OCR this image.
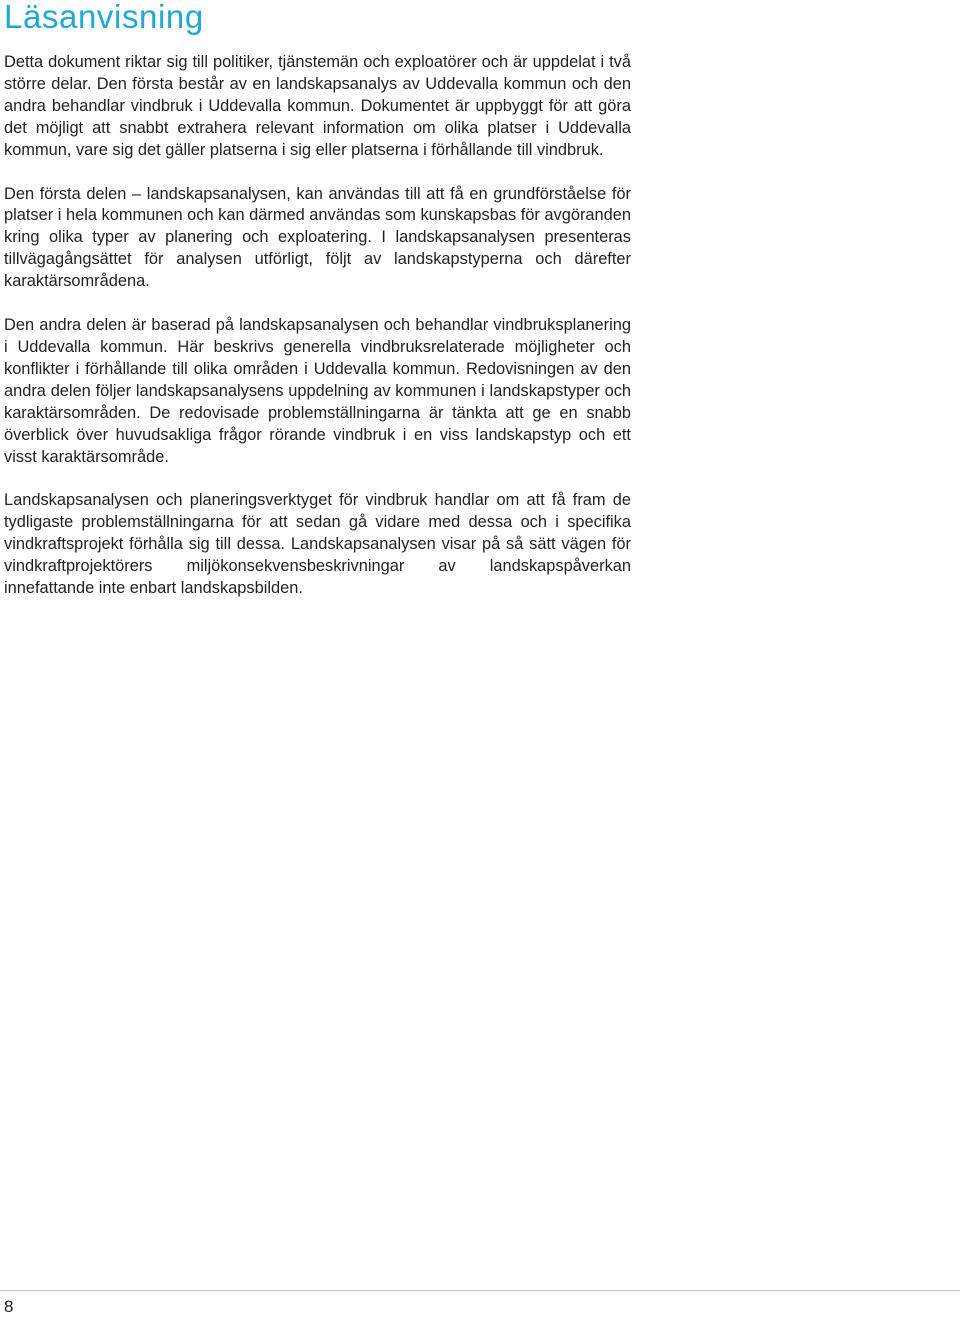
Läsanvisning

Detta dokument riktar sig till politiker, tjänstemän och exploatörer och är uppdelat i två större delar. Den första består av en landskapsanalys av Uddevalla kommun och den andra behandlar vindbruk i Uddevalla kommun. Dokumentet är uppbyggt för att göra det möjligt att snabbt extrahera relevant information om olika platser i Uddevalla kommun, vare sig det gäller platserna i sig eller platserna i förhållande till vindbruk.

Den första delen – landskapsanalysen, kan användas till att få en grundförståelse för platser i hela kommunen och kan därmed användas som kunskapsbas för avgöranden kring olika typer av planering och exploatering. I landskapsanalysen presenteras tillvägagångsättet för analysen utförligt, följt av landskapstyperna och därefter karaktärsområdena.

Den andra delen är baserad på landskapsanalysen och behandlar vindbruksplanering i Uddevalla kommun. Här beskrivs generella vindbruksrelaterade möjligheter och konflikter i förhållande till olika områden i Uddevalla kommun. Redovisningen av den andra delen följer landskapsanalysens uppdelning av kommunen i landskapstyper och karaktärsområden. De redovisade problemställningarna är tänkta att ge en snabb överblick över huvudsakliga frågor rörande vindbruk i en viss landskapstyp och ett visst karaktärsområde.

Landskapsanalysen och planeringsverktyget för vindbruk handlar om att få fram de tydligaste problemställningarna för att sedan gå vidare med dessa och i specifika vindkraftsprojekt förhålla sig till dessa. Landskapsanalysen visar på så sätt vägen för vindkraftprojektörers miljökonsekvensbeskrivningar av landskapspåverkan innefattande inte enbart landskapsbilden.

8
